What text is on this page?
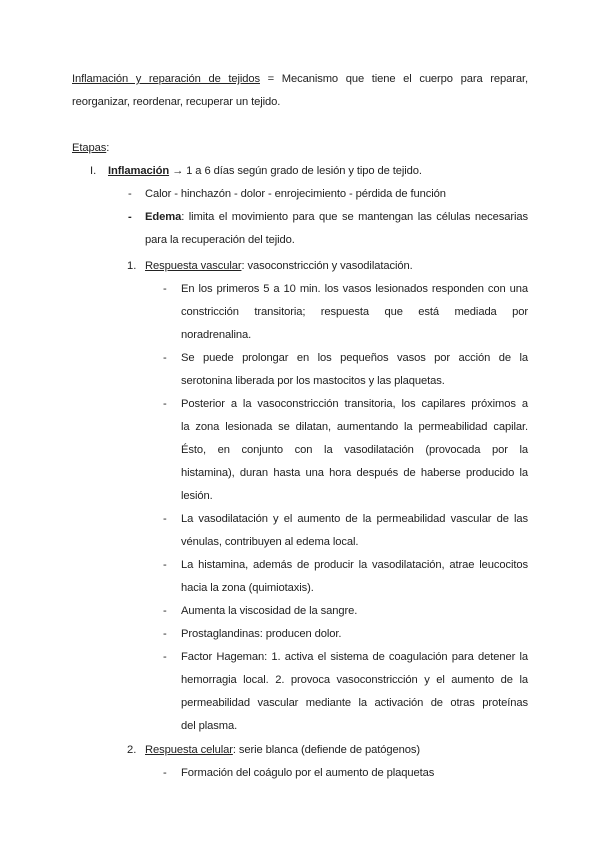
Inflamación y reparación de tejidos = Mecanismo que tiene el cuerpo para reparar,
reorganizar, reordenar, recuperar un tejido.
Etapas:
I. Inflamación → 1 a 6 días según grado de lesión y tipo de tejido.
- Calor - hinchazón - dolor - enrojecimiento - pérdida de función
- Edema: limita el movimiento para que se mantengan las células necesarias
para la recuperación del tejido.
1. Respuesta vascular: vasoconstricción y vasodilatación.
- En los primeros 5 a 10 min. los vasos lesionados responden con una
constricción transitoria; respuesta que está mediada por
noradrenalina.
- Se puede prolongar en los pequeños vasos por acción de la
serotonina liberada por los mastocitos y las plaquetas.
- Posterior a la vasoconstricción transitoria, los capilares próximos a
la zona lesionada se dilatan, aumentando la permeabilidad capilar.
Ésto, en conjunto con la vasodilatación (provocada por la
histamina), duran hasta una hora después de haberse producido la
lesión.
- La vasodilatación y el aumento de la permeabilidad vascular de las
vénulas, contribuyen al edema local.
- La histamina, además de producir la vasodilatación, atrae leucocitos
hacia la zona (quimiotaxis).
- Aumenta la viscosidad de la sangre.
- Prostaglandinas: producen dolor.
- Factor Hageman: 1. activa el sistema de coagulación para detener la
hemorragia local. 2. provoca vasoconstricción y el aumento de la
permeabilidad vascular mediante la activación de otras proteínas
del plasma.
2. Respuesta celular: serie blanca (defiende de patógenos)
- Formación del coágulo por el aumento de plaquetas
